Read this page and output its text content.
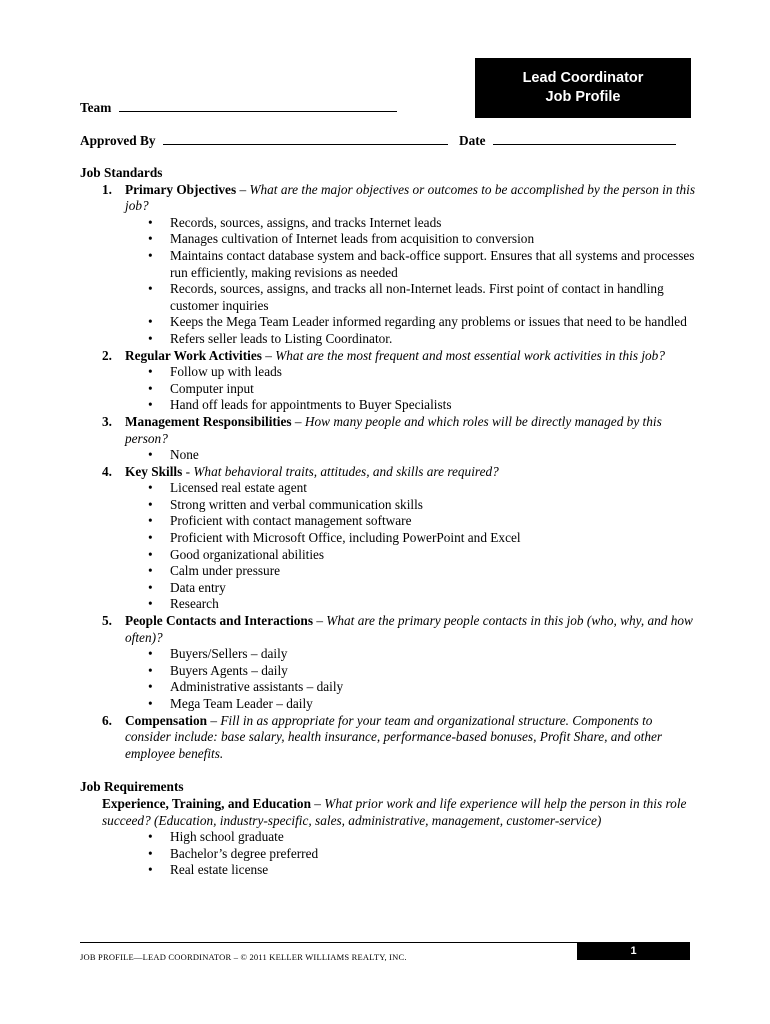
Lead Coordinator
Job Profile
Team
Approved By	Date
Job Standards
1. Primary Objectives – What are the major objectives or outcomes to be accomplished by the person in this job?
• Records, sources, assigns, and tracks Internet leads
• Manages cultivation of Internet leads from acquisition to conversion
• Maintains contact database system and back-office support. Ensures that all systems and processes run efficiently, making revisions as needed
• Records, sources, assigns, and tracks all non-Internet leads. First point of contact in handling customer inquiries
• Keeps the Mega Team Leader informed regarding any problems or issues that need to be handled
• Refers seller leads to Listing Coordinator.
2. Regular Work Activities – What are the most frequent and most essential work activities in this job?
• Follow up with leads
• Computer input
• Hand off leads for appointments to Buyer Specialists
3. Management Responsibilities – How many people and which roles will be directly managed by this person?
• None
4. Key Skills - What behavioral traits, attitudes, and skills are required?
• Licensed real estate agent
• Strong written and verbal communication skills
• Proficient with contact management software
• Proficient with Microsoft Office, including PowerPoint and Excel
• Good organizational abilities
• Calm under pressure
• Data entry
• Research
5. People Contacts and Interactions – What are the primary people contacts in this job (who, why, and how often)?
• Buyers/Sellers – daily
• Buyers Agents – daily
• Administrative assistants – daily
• Mega Team Leader – daily
6. Compensation – Fill in as appropriate for your team and organizational structure. Components to consider include: base salary, health insurance, performance-based bonuses, Profit Share, and other employee benefits.
Job Requirements
Experience, Training, and Education – What prior work and life experience will help the person in this role succeed? (Education, industry-specific, sales, administrative, management, customer-service)
• High school graduate
• Bachelor’s degree preferred
• Real estate license
JOB PROFILE—LEAD COORDINATOR – © 2011 KELLER WILLIAMS REALTY, INC.	1
